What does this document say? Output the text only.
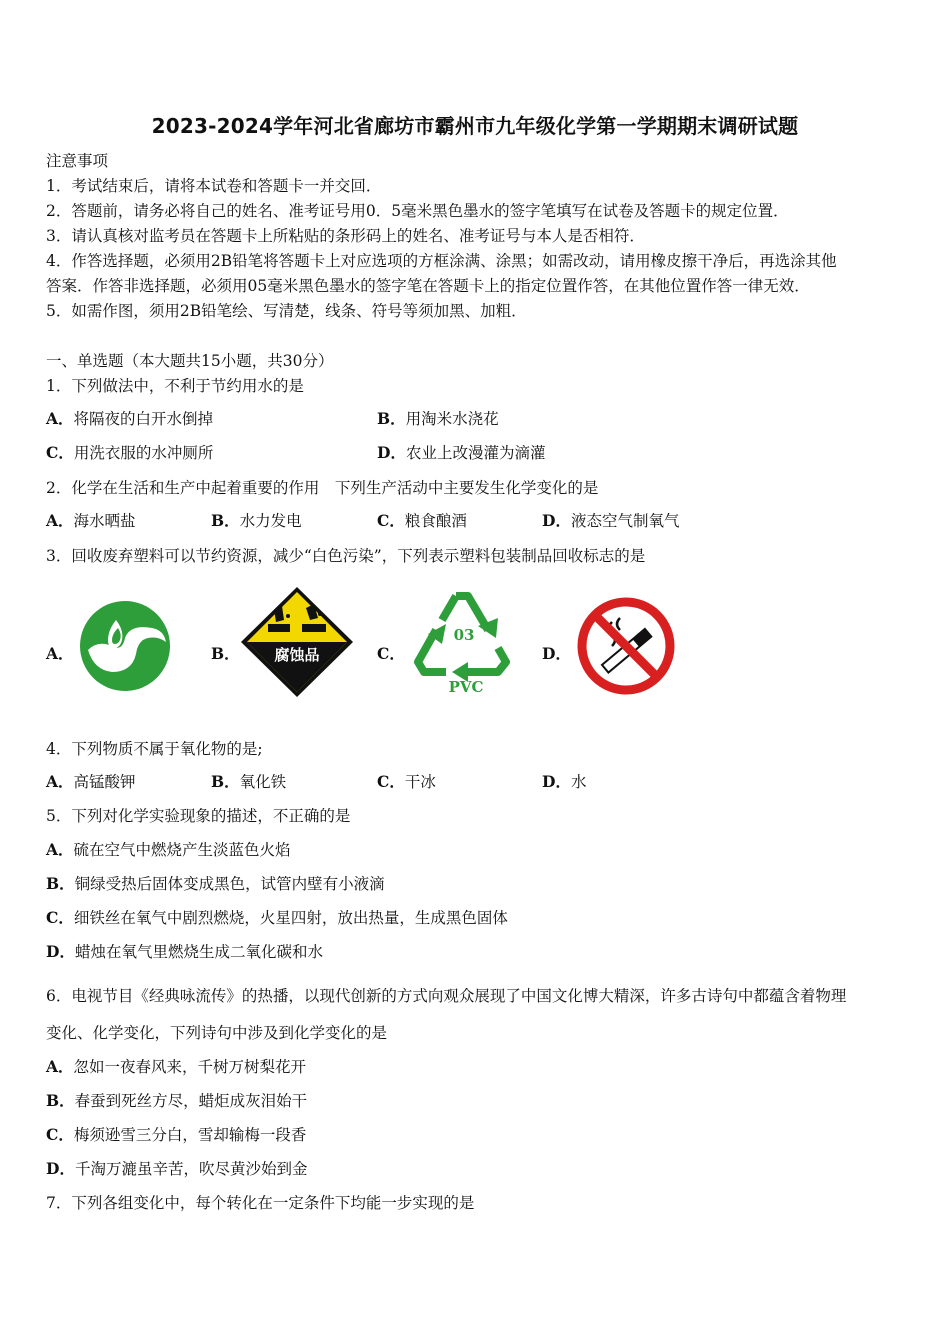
2023-2024学年河北省廊坊市霸州市九年级化学第一学期期末调研试题
注意事项
1．考试结束后，请将本试卷和答题卡一并交回．
2．答题前，请务必将自己的姓名、准考证号用0．5毫米黑色墨水的签字笔填写在试卷及答题卡的规定位置．
3．请认真核对监考员在答题卡上所粘贴的条形码上的姓名、准考证号与本人是否相符．
4．作答选择题，必须用2B铅笔将答题卡上对应选项的方框涂满、涂黑；如需改动，请用橡皮擦干净后，再选涂其他
答案．作答非选择题，必须用05毫米黑色墨水的签字笔在答题卡上的指定位置作答，在其他位置作答一律无效．
5．如需作图，须用2B铅笔绘、写清楚，线条、符号等须加黑、加粗．
一、单选题（本大题共15小题，共30分）
1．下列做法中，不利于节约用水的是
A．将隔夜的白开水倒掉	B．用淘米水浇花
C．用洗衣服的水冲厕所	D．农业上改漫灌为滴灌
2．化学在生活和生产中起着重要的作用　下列生产活动中主要发生化学变化的是
A．海水晒盐	B．水力发电	C．粮食酿酒	D．液态空气制氧气
3．回收废弃塑料可以节约资源，减少“白色污染”，下列表示塑料包装制品回收标志的是
A．	B． 腐蚀品	C．
03
PVC
D．
4．下列物质不属于氧化物的是;
A．高锰酸钾	B．氧化铁	C．干冰	D．水
5．下列对化学实验现象的描述，不正确的是
A．硫在空气中燃烧产生淡蓝色火焰
B．铜绿受热后固体变成黑色，试管内壁有小液滴
C．细铁丝在氧气中剧烈燃烧，火星四射，放出热量，生成黑色固体
D．蜡烛在氧气里燃烧生成二氧化碳和水
6．电视节目《经典咏流传》的热播，以现代创新的方式向观众展现了中国文化博大精深，许多古诗句中都蕴含着物理
变化、化学变化，下列诗句中涉及到化学变化的是
A．忽如一夜春风来，千树万树梨花开
B．春蚕到死丝方尽，蜡炬成灰泪始干
C．梅须逊雪三分白，雪却输梅一段香
D．千淘万漉虽辛苦，吹尽黄沙始到金
7．下列各组变化中，每个转化在一定条件下均能一步实现的是
